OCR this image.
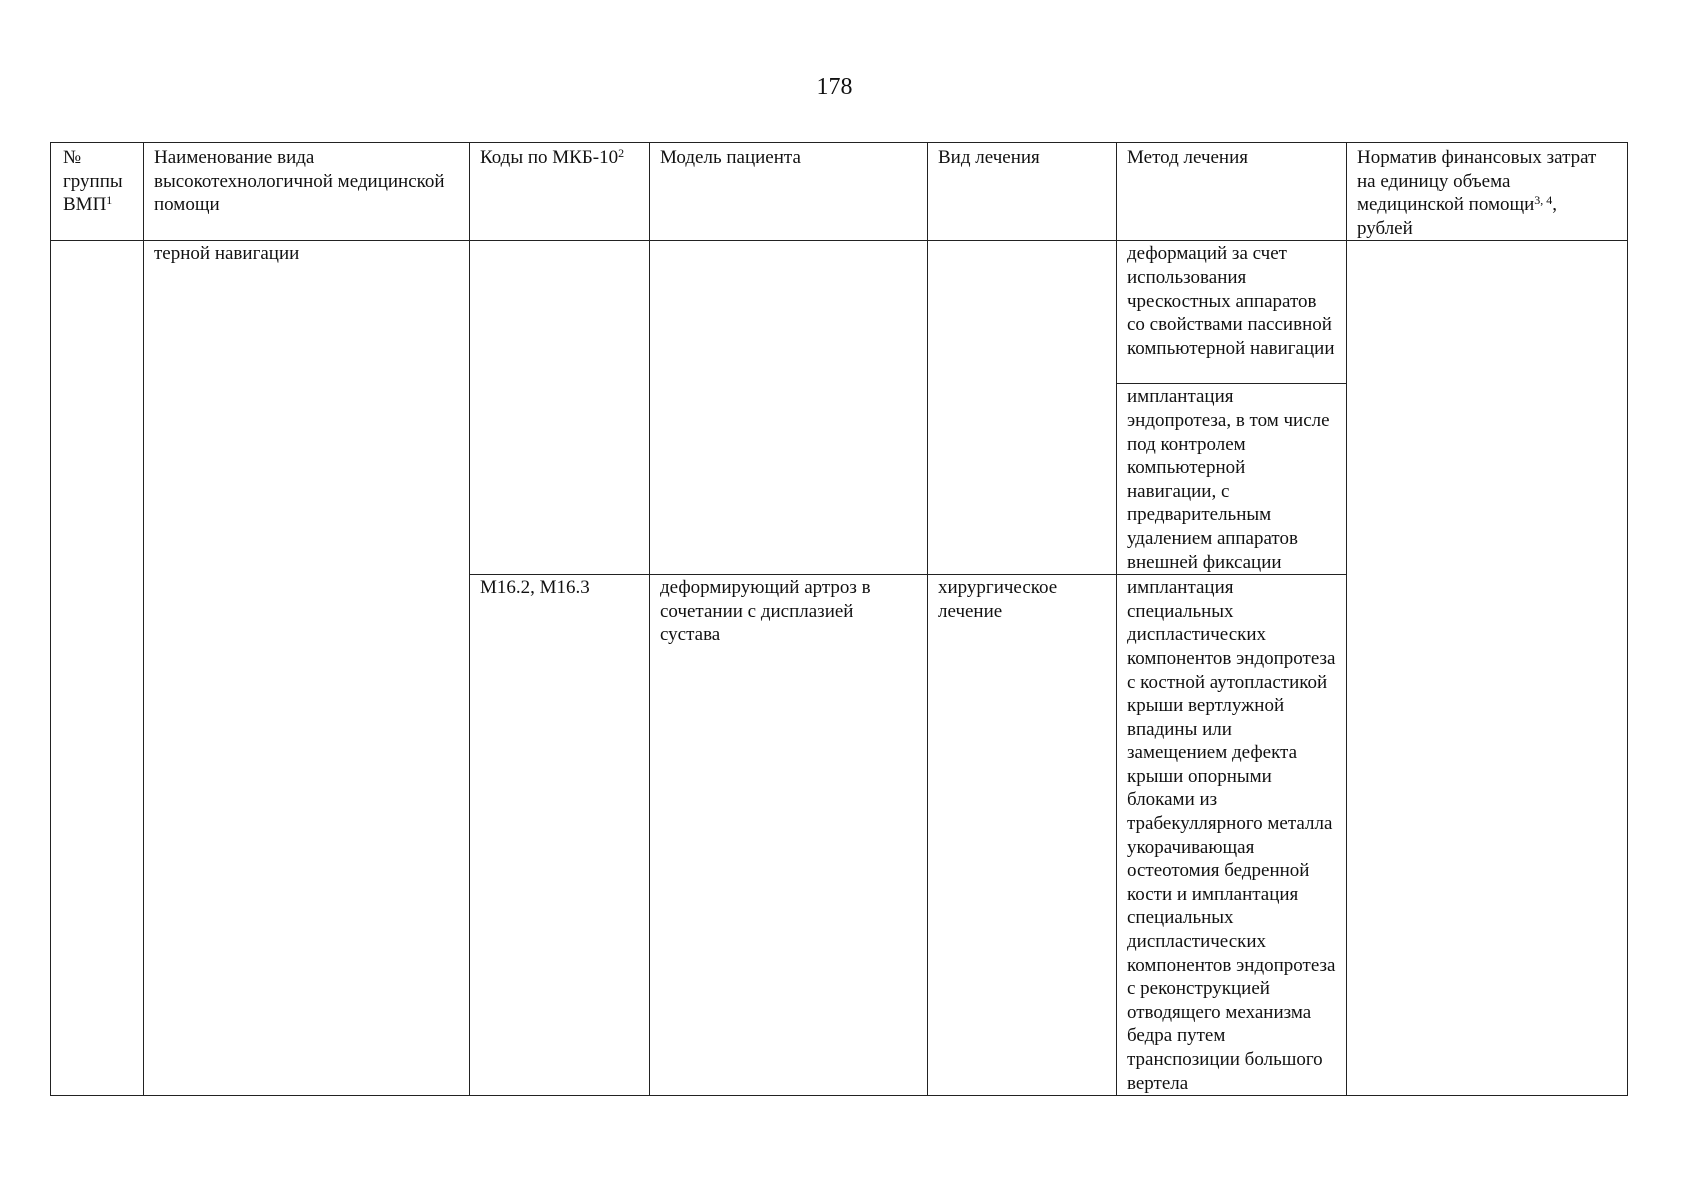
178
№ группы ВМП$^1$	Наименование вида высокотехнологичной медицинской помощи	Коды по МКБ-$10^2$	Модель пациента	Вид лечения	Метод лечения	Норматив финансовых затрат на единицу объема медицинской помощи$^{3, 4}$, рублей
	терной навигации				деформаций за счет использования чрескостных аппаратов со свойствами пассивной компьютерной навигации	
					имплантация эндопротеза, в том числе под контролем компьютерной навигации, с предварительным удалением аппаратов внешней фиксации	
		M16.2, M16.3	деформирующий артроз в сочетании с дисплазией сустава	хирургическое лечение	имплантация специальных диспластических компонентов эндопротеза с костной аутопластикой крыши вертлужной впадины или замещением дефекта крыши опорными блоками из трабекуллярного металла укорачивающая остеотомия бедренной кости и имплантация специальных диспластических компонентов эндопротеза с реконструкцией отводящего механизма бедра путем транспозиции большого вертела	
